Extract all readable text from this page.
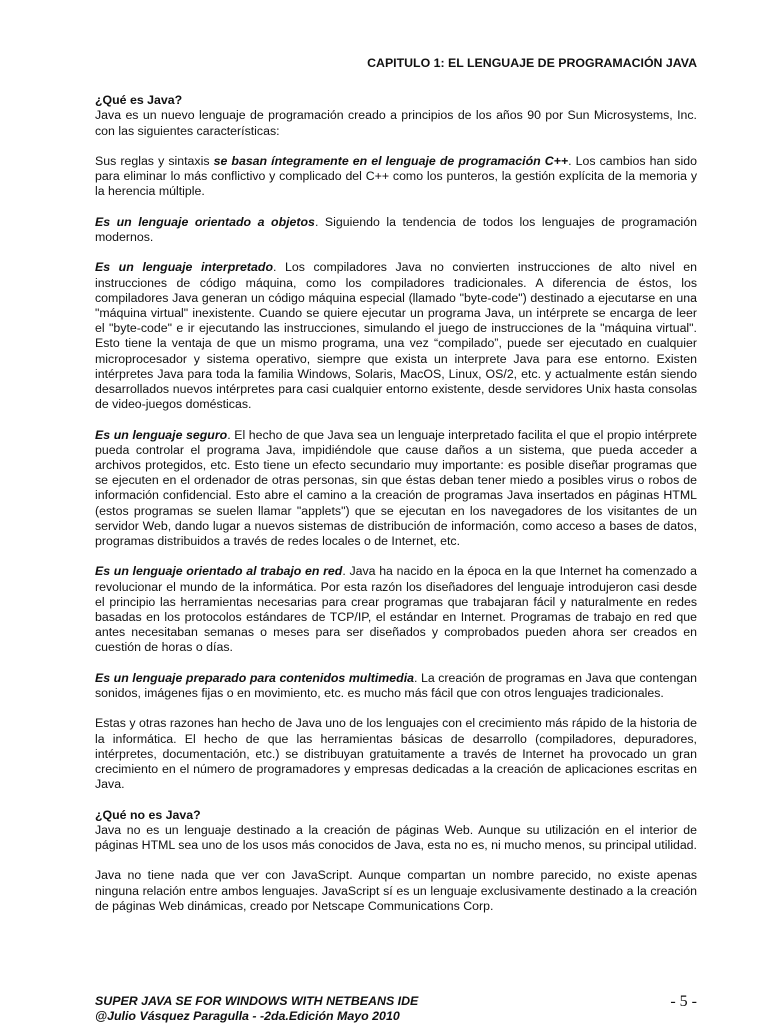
CAPITULO 1: EL LENGUAJE DE PROGRAMACIÓN JAVA
¿Qué es Java?

Java es un nuevo lenguaje de programación creado a principios de los años 90 por Sun Microsystems, Inc. con las siguientes características:

Sus reglas y sintaxis se basan íntegramente en el lenguaje de programación C++. Los cambios han sido para eliminar lo más conflictivo y complicado del C++ como los punteros, la gestión explícita de la memoria y la herencia múltiple.

Es un lenguaje orientado a objetos. Siguiendo la tendencia de todos los lenguajes de programación modernos.

Es un lenguaje interpretado. Los compiladores Java no convierten instrucciones de alto nivel en instrucciones de código máquina, como los compiladores tradicionales. A diferencia de éstos, los compiladores Java generan un código máquina especial (llamado "byte-code") destinado a ejecutarse en una "máquina virtual" inexistente. Cuando se quiere ejecutar un programa Java, un intérprete se encarga de leer el "byte-code" e ir ejecutando las instrucciones, simulando el juego de instrucciones de la "máquina virtual". Esto tiene la ventaja de que un mismo programa, una vez “compilado”, puede ser ejecutado en cualquier microprocesador y sistema operativo, siempre que exista un interprete Java para ese entorno. Existen intérpretes Java para toda la familia Windows, Solaris, MacOS, Linux, OS/2, etc. y actualmente están siendo desarrollados nuevos intérpretes para casi cualquier entorno existente, desde servidores Unix hasta consolas de video-juegos domésticas.

Es un lenguaje seguro. El hecho de que Java sea un lenguaje interpretado facilita el que el propio intérprete pueda controlar el programa Java, impidiéndole que cause daños a un sistema, que pueda acceder a archivos protegidos, etc. Esto tiene un efecto secundario muy importante: es posible diseñar programas que se ejecuten en el ordenador de otras personas, sin que éstas deban tener miedo a posibles virus o robos de información confidencial. Esto abre el camino a la creación de programas Java insertados en páginas HTML (estos programas se suelen llamar "applets") que se ejecutan en los navegadores de los visitantes de un servidor Web, dando lugar a nuevos sistemas de distribución de información, como acceso a bases de datos, programas distribuidos a través de redes locales o de Internet, etc.

Es un lenguaje orientado al trabajo en red. Java ha nacido en la época en la que Internet ha comenzado a revolucionar el mundo de la informática. Por esta razón los diseñadores del lenguaje introdujeron casi desde el principio las herramientas necesarias para crear programas que trabajaran fácil y naturalmente en redes basadas en los protocolos estándares de TCP/IP, el estándar en Internet. Programas de trabajo en red que antes necesitaban semanas o meses para ser diseñados y comprobados pueden ahora ser creados en cuestión de horas o días.

Es un lenguaje preparado para contenidos multimedia. La creación de programas en Java que contengan sonidos, imágenes fijas o en movimiento, etc. es mucho más fácil que con otros lenguajes tradicionales.

Estas y otras razones han hecho de Java uno de los lenguajes con el crecimiento más rápido de la historia de la informática. El hecho de que las herramientas básicas de desarrollo (compiladores, depuradores, intérpretes, documentación, etc.) se distribuyan gratuitamente a través de Internet ha provocado un gran crecimiento en el número de programadores y empresas dedicadas a la creación de aplicaciones escritas en Java.

¿Qué no es Java?

Java no es un lenguaje destinado a la creación de páginas Web. Aunque su utilización en el interior de páginas HTML sea uno de los usos más conocidos de Java, esta no es, ni mucho menos, su principal utilidad.

Java no tiene nada que ver con JavaScript. Aunque compartan un nombre parecido, no existe apenas ninguna relación entre ambos lenguajes. JavaScript sí es un lenguaje exclusivamente destinado a la creación de páginas Web dinámicas, creado por Netscape Communications Corp.

SUPER JAVA SE FOR WINDOWS WITH NETBEANS IDE
@Julio Vásquez Paragulla - -2da.Edición Mayo 2010
- 5 -
